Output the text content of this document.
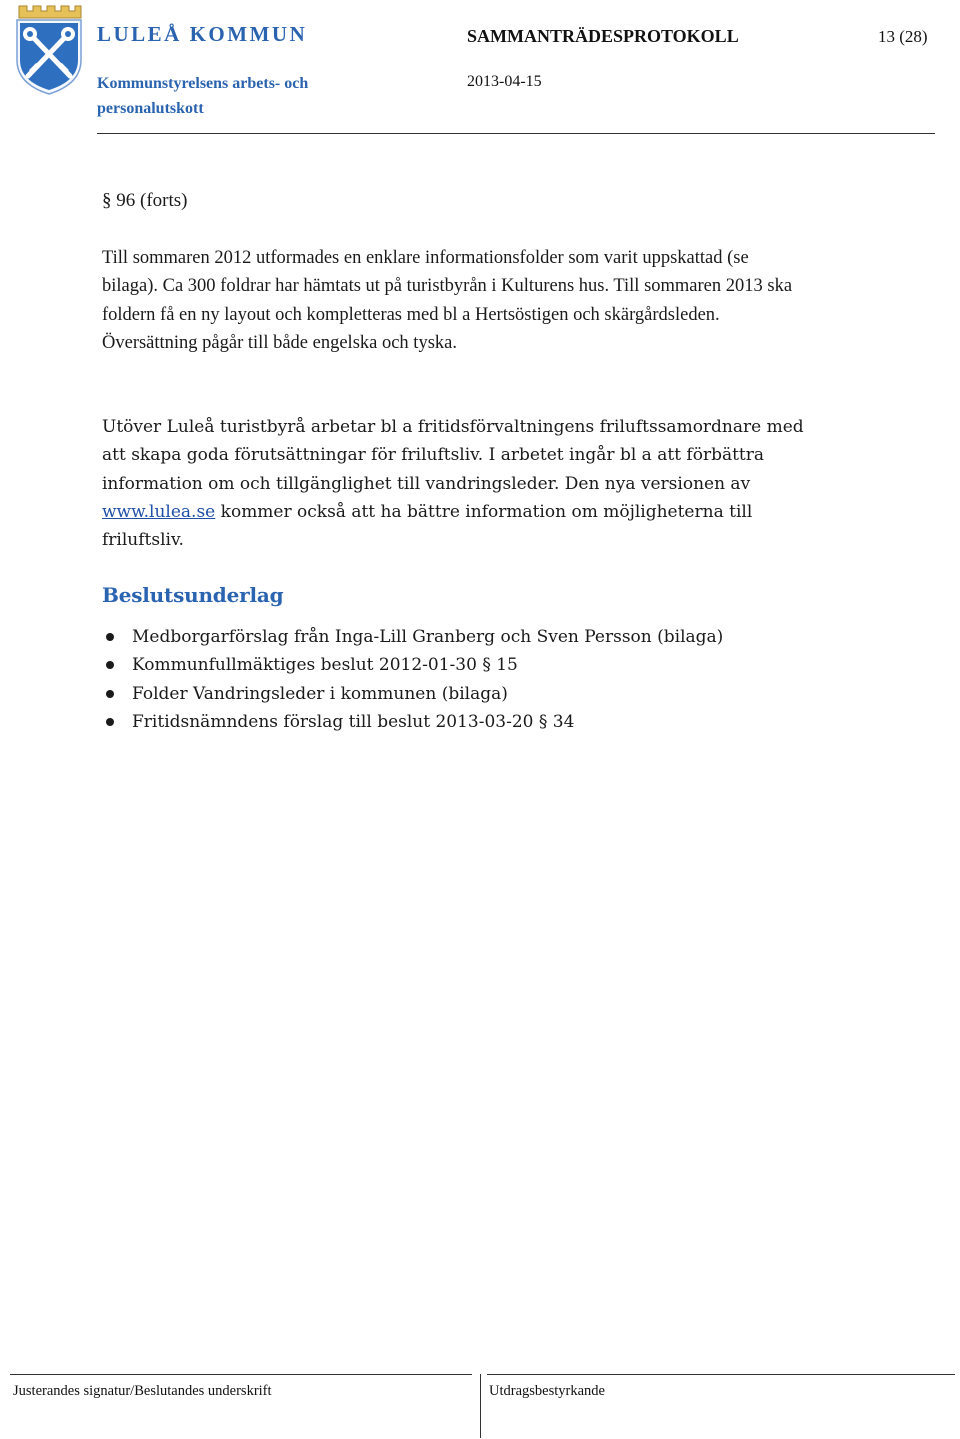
LULEÅ KOMMUN
Kommunstyrelsens arbets- och personalutskott
SAMMANTRÄDESPROTOKOLL
2013-04-15
13 (28)
§ 96 (forts)
Till sommaren 2012 utformades en enklare informationsfolder som varit uppskattad (se bilaga). Ca 300 foldrar har hämtats ut på turistbyrån i Kulturens hus. Till sommaren 2013 ska foldern få en ny layout och kompletteras med bl a Hertsöstigen och skärgårdsleden. Översättning pågår till både engelska och tyska.
Utöver Luleå turistbyrå arbetar bl a fritidsförvaltningens friluftssamordnare med att skapa goda förutsättningar för friluftsliv. I arbetet ingår bl a att förbättra information om och tillgänglighet till vandringsleder. Den nya versionen av www.lulea.se kommer också att ha bättre information om möjligheterna till friluftsliv.
Beslutsunderlag
Medborgarförslag från Inga-Lill Granberg och Sven Persson (bilaga)
Kommunfullmäktiges beslut 2012-01-30 § 15
Folder Vandringsleder i kommunen (bilaga)
Fritidsnämndens förslag till beslut 2013-03-20 § 34
Justerandes signatur/Beslutandes underskrift	Utdragsbestyrkande
